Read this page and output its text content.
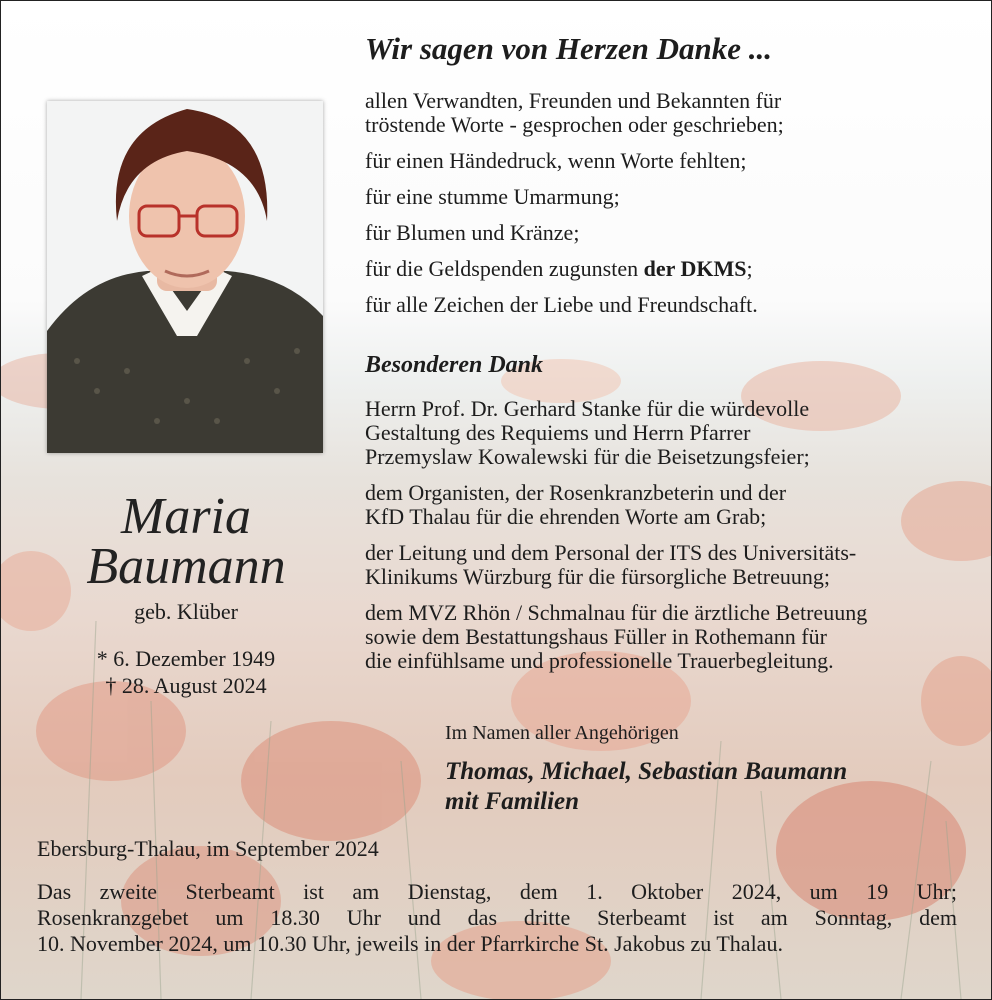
Maria
Baumann
geb. Klüber
* 6. Dezember 1949
† 28. August 2024
Wir sagen von Herzen Danke ...

allen Verwandten, Freunden und Bekannten für

tröstende Worte - gesprochen oder geschrieben;

für einen Händedruck, wenn Worte fehlten;

für eine stumme Umarmung;

für Blumen und Kränze;

für die Geldspenden zugunsten der DKMS;

für alle Zeichen der Liebe und Freundschaft.

Besonderen Dank

Herrn Prof. Dr. Gerhard Stanke für die würdevolle
Gestaltung des Requiems und Herrn Pfarrer
Przemyslaw Kowalewski für die Beisetzungsfeier;

dem Organisten, der Rosenkranzbeterin und der
KfD Thalau für die ehrenden Worte am Grab;

der Leitung und dem Personal der ITS des Universitäts-
Klinikums Würzburg für die fürsorgliche Betreuung;

dem MVZ Rhön / Schmalnau für die ärztliche Betreuung
sowie dem Bestattungshaus Füller in Rothemann für
die einfühlsame und professionelle Trauerbegleitung.

Im Namen aller Angehörigen
Thomas, Michael, Sebastian Baumann
mit Familien
Ebersburg-Thalau, im September 2024

Das zweite Sterbeamt ist am Dienstag, dem 1. Oktober 2024, um 19 Uhr;

Rosenkranzgebet um 18.30 Uhr und das dritte Sterbeamt ist am Sonntag, dem

10. November 2024, um 10.30 Uhr, jeweils in der Pfarrkirche St. Jakobus zu Thalau.
